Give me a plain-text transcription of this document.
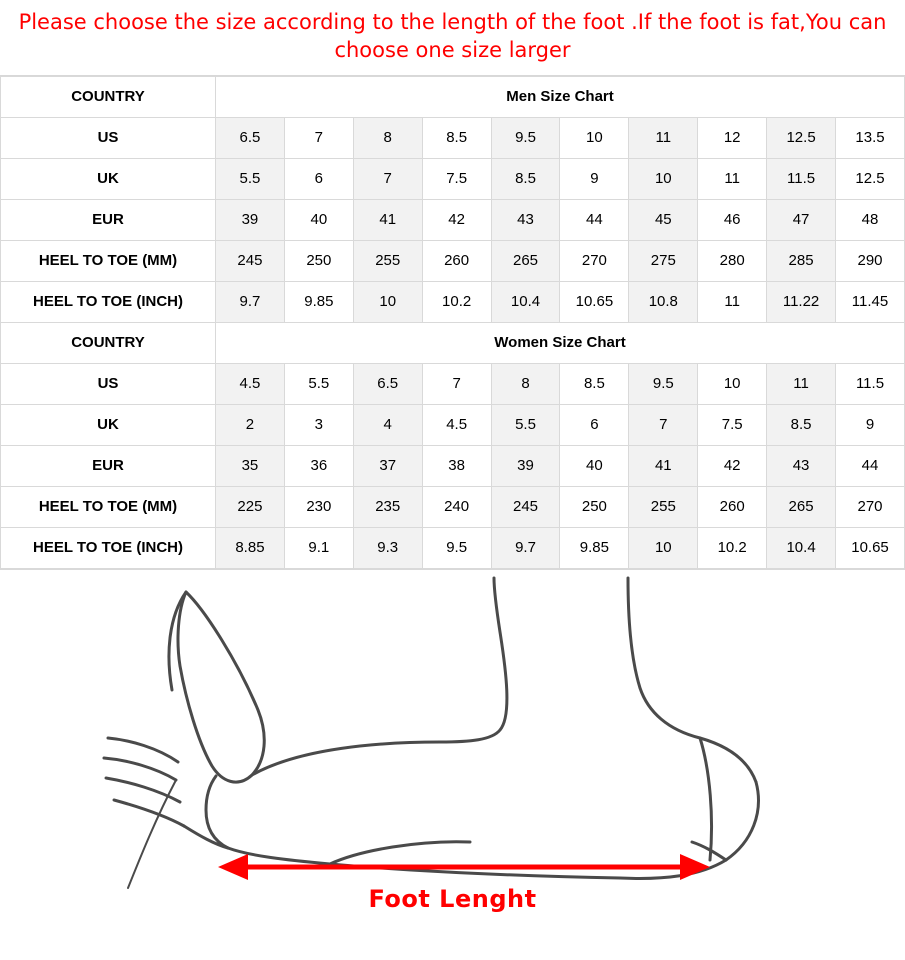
Please choose the size according to the length of the foot .If the foot is fat,You can choose one size larger
COUNTRY	Men Size Chart									
US	6.5	7	8	8.5	9.5	10	11	12	12.5	13.5
UK	5.5	6	7	7.5	8.5	9	10	11	11.5	12.5
EUR	39	40	41	42	43	44	45	46	47	48
HEEL TO TOE (MM)	245	250	255	260	265	270	275	280	285	290
HEEL TO TOE (INCH)	9.7	9.85	10	10.2	10.4	10.65	10.8	11	11.22	11.45
COUNTRY	Women Size Chart									
US	4.5	5.5	6.5	7	8	8.5	9.5	10	11	11.5
UK	2	3	4	4.5	5.5	6	7	7.5	8.5	9
EUR	35	36	37	38	39	40	41	42	43	44
HEEL TO TOE (MM)	225	230	235	240	245	250	255	260	265	270
HEEL TO TOE (INCH)	8.85	9.1	9.3	9.5	9.7	9.85	10	10.2	10.4	10.65
Foot Lenght
